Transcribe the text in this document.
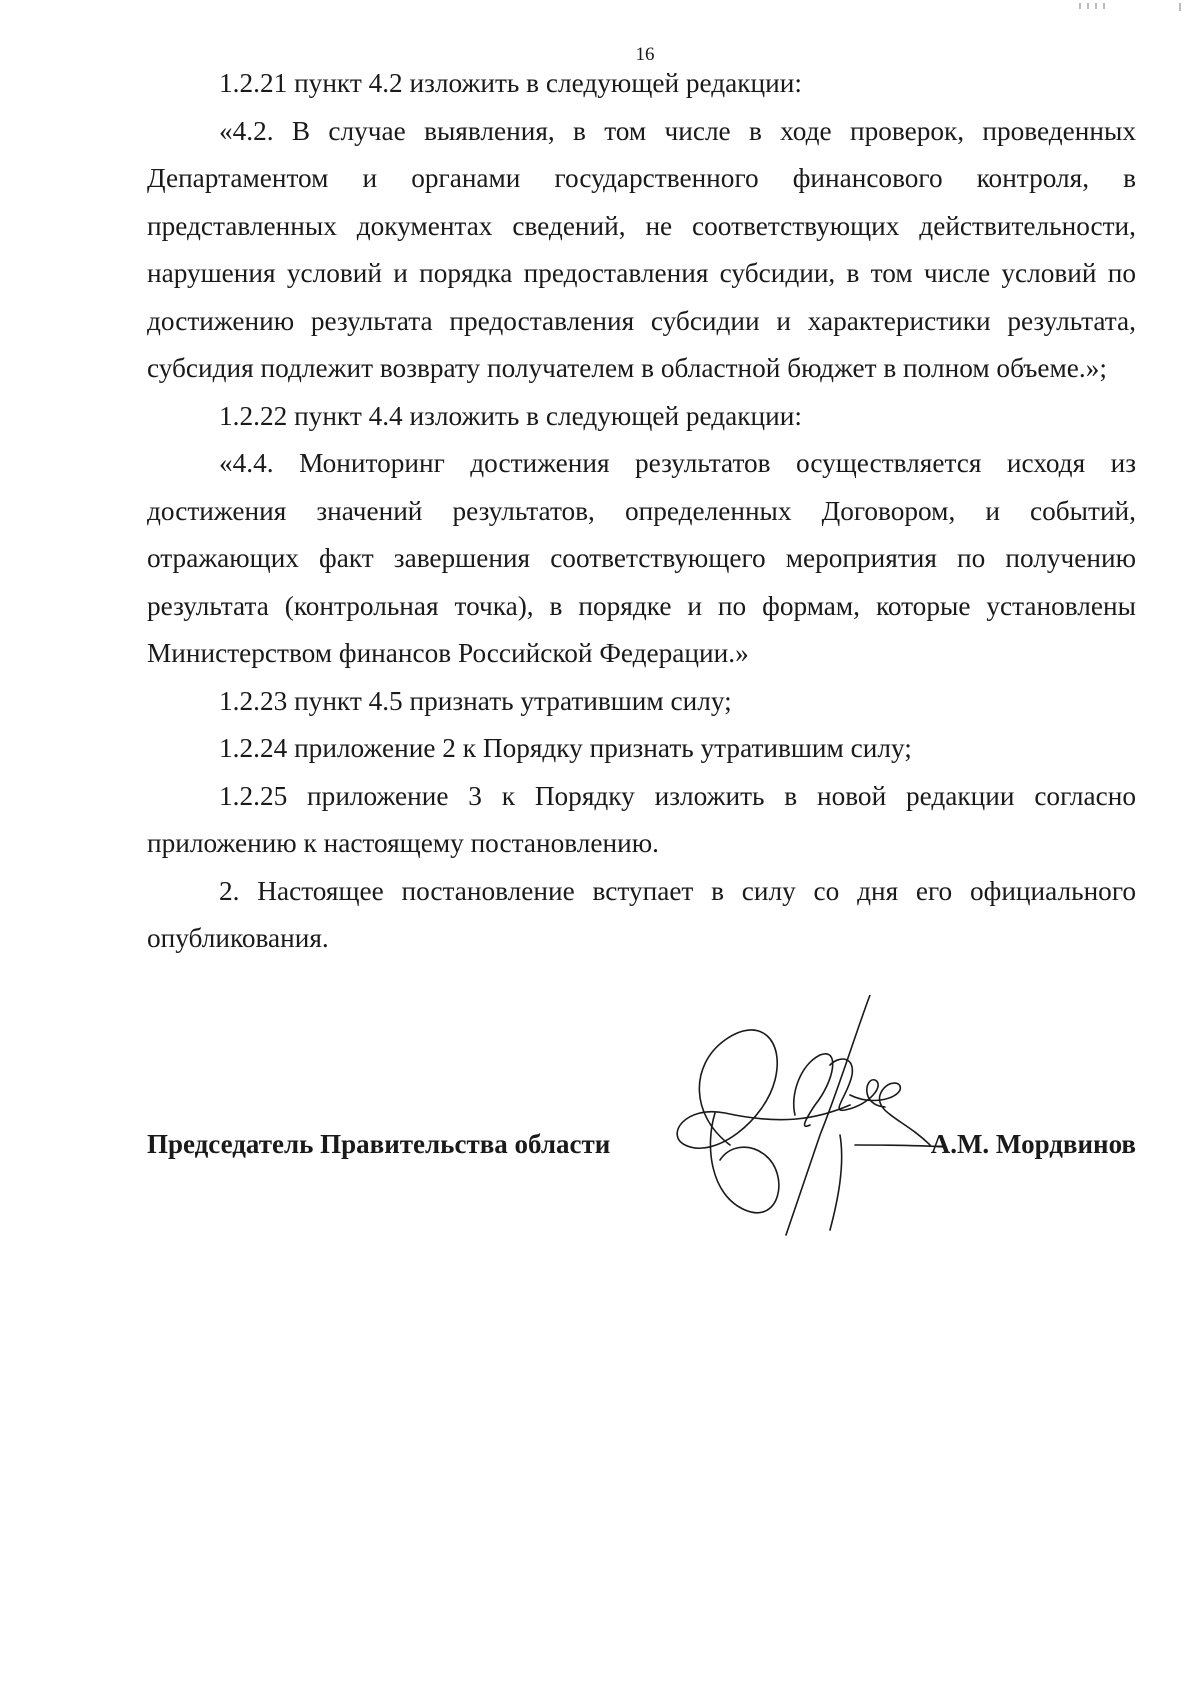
16

1.2.21 пункт 4.2 изложить в следующей редакции:

«4.2. В случае выявления, в том числе в ходе проверок, проведенных Департаментом и органами государственного финансового контроля, в представленных документах сведений, не соответствующих действительности, нарушения условий и порядка предоставления субсидии, в том числе условий по достижению результата предоставления субсидии и характеристики результата, субсидия подлежит возврату получателем в областной бюджет в полном объеме.»;

1.2.22 пункт 4.4 изложить в следующей редакции:

«4.4. Мониторинг достижения результатов осуществляется исходя из достижения значений результатов, определенных Договором, и событий, отражающих факт завершения соответствующего мероприятия по получению результата (контрольная точка), в порядке и по формам, которые установлены Министерством финансов Российской Федерации.»

1.2.23 пункт 4.5 признать утратившим силу;

1.2.24 приложение 2 к Порядку признать утратившим силу;

1.2.25 приложение 3 к Порядку изложить в новой редакции согласно приложению к настоящему постановлению.

2. Настоящее постановление вступает в силу со дня его официального опубликования.

Председатель Правительства области	А.М. Мордвинов
